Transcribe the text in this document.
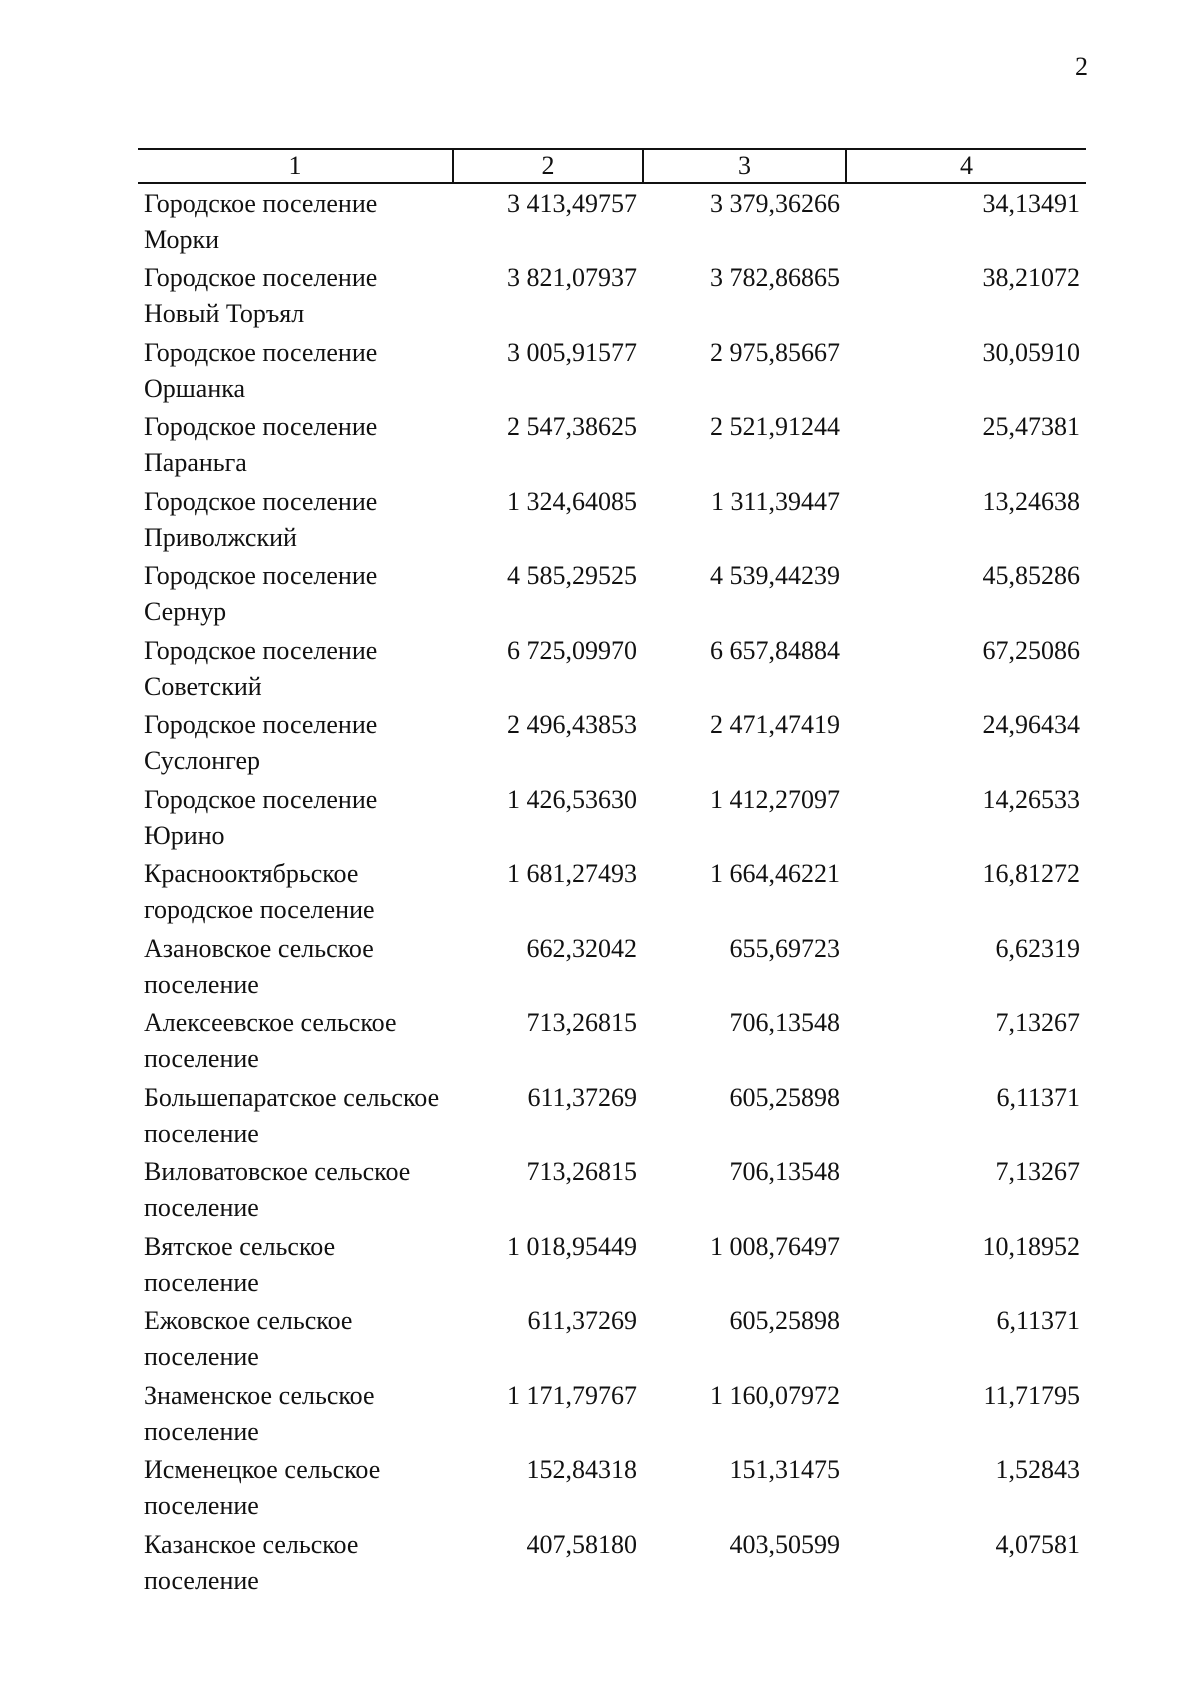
2
1	2	3	4
Городское поселение Морки	3 413,49757	3 379,36266	34,13491
Городское поселение Новый Торъял	3 821,07937	3 782,86865	38,21072
Городское поселение Оршанка	3 005,91577	2 975,85667	30,05910
Городское поселение Параньга	2 547,38625	2 521,91244	25,47381
Городское поселение Приволжский	1 324,64085	1 311,39447	13,24638
Городское поселение Сернур	4 585,29525	4 539,44239	45,85286
Городское поселение Советский	6 725,09970	6 657,84884	67,25086
Городское поселение Суслонгер	2 496,43853	2 471,47419	24,96434
Городское поселение Юрино	1 426,53630	1 412,27097	14,26533
Краснооктябрьское городское поселение	1 681,27493	1 664,46221	16,81272
Азановское сельское поселение	662,32042	655,69723	6,62319
Алексеевское сельское поселение	713,26815	706,13548	7,13267
Большепаратское сельское поселение	611,37269	605,25898	6,11371
Виловатовское сельское поселение	713,26815	706,13548	7,13267
Вятское сельское поселение	1 018,95449	1 008,76497	10,18952
Ежовское сельское поселение	611,37269	605,25898	6,11371
Знаменское сельское поселение	1 171,79767	1 160,07972	11,71795
Исменецкое сельское поселение	152,84318	151,31475	1,52843
Казанское сельское поселение	407,58180	403,50599	4,07581
